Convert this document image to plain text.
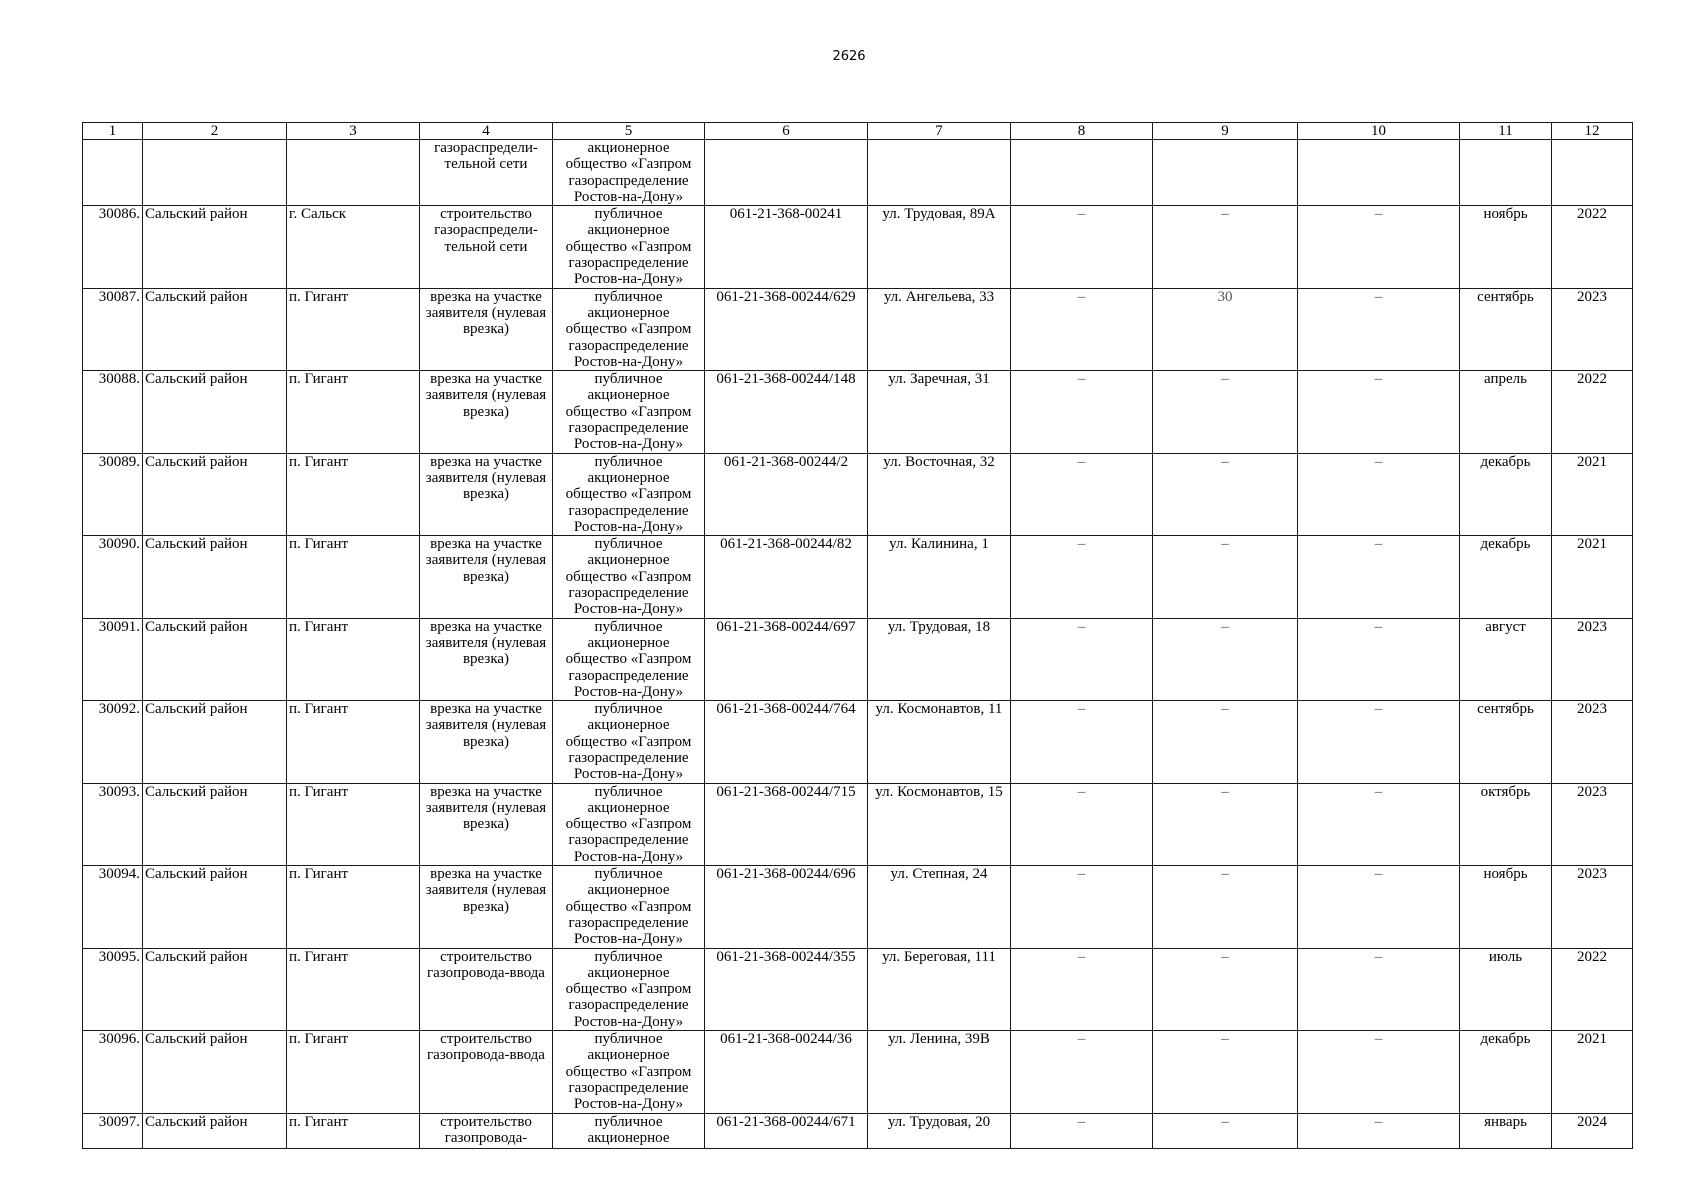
2626
1	2	3	4	5	6	7	8	9	10	11	12

			газораспредели-тельной сети	акционерное общество «Газпром газораспределение Ростов-на-Дону»							
30086.	Сальский район	г. Сальск	строительство газораспредели-тельной сети	публичное акционерное общество «Газпром газораспределение Ростов-на-Дону»	061-21-368-00241	ул. Трудовая, 89А	–	–	–	ноябрь	2022
30087.	Сальский район	п. Гигант	врезка на участке заявителя (нулевая врезка)	публичное акционерное общество «Газпром газораспределение Ростов-на-Дону»	061-21-368-00244/629	ул. Ангельева, 33	–	30	–	сентябрь	2023
30088.	Сальский район	п. Гигант	врезка на участке заявителя (нулевая врезка)	публичное акционерное общество «Газпром газораспределение Ростов-на-Дону»	061-21-368-00244/148	ул. Заречная, 31	–	–	–	апрель	2022
30089.	Сальский район	п. Гигант	врезка на участке заявителя (нулевая врезка)	публичное акционерное общество «Газпром газораспределение Ростов-на-Дону»	061-21-368-00244/2	ул. Восточная, 32	–	–	–	декабрь	2021
30090.	Сальский район	п. Гигант	врезка на участке заявителя (нулевая врезка)	публичное акционерное общество «Газпром газораспределение Ростов-на-Дону»	061-21-368-00244/82	ул. Калинина, 1	–	–	–	декабрь	2021
30091.	Сальский район	п. Гигант	врезка на участке заявителя (нулевая врезка)	публичное акционерное общество «Газпром газораспределение Ростов-на-Дону»	061-21-368-00244/697	ул. Трудовая, 18	–	–	–	август	2023
30092.	Сальский район	п. Гигант	врезка на участке заявителя (нулевая врезка)	публичное акционерное общество «Газпром газораспределение Ростов-на-Дону»	061-21-368-00244/764	ул. Космонавтов, 11	–	–	–	сентябрь	2023
30093.	Сальский район	п. Гигант	врезка на участке заявителя (нулевая врезка)	публичное акционерное общество «Газпром газораспределение Ростов-на-Дону»	061-21-368-00244/715	ул. Космонавтов, 15	–	–	–	октябрь	2023
30094.	Сальский район	п. Гигант	врезка на участке заявителя (нулевая врезка)	публичное акционерное общество «Газпром газораспределение Ростов-на-Дону»	061-21-368-00244/696	ул. Степная, 24	–	–	–	ноябрь	2023
30095.	Сальский район	п. Гигант	строительство газопровода-ввода	публичное акционерное общество «Газпром газораспределение Ростов-на-Дону»	061-21-368-00244/355	ул. Береговая, 111	–	–	–	июль	2022
30096.	Сальский район	п. Гигант	строительство газопровода-ввода	публичное акционерное общество «Газпром газораспределение Ростов-на-Дону»	061-21-368-00244/36	ул. Ленина, 39В	–	–	–	декабрь	2021
30097.	Сальский район	п. Гигант	строительство газопровода-	публичное акционерное	061-21-368-00244/671	ул. Трудовая, 20	–	–	–	январь	2024
